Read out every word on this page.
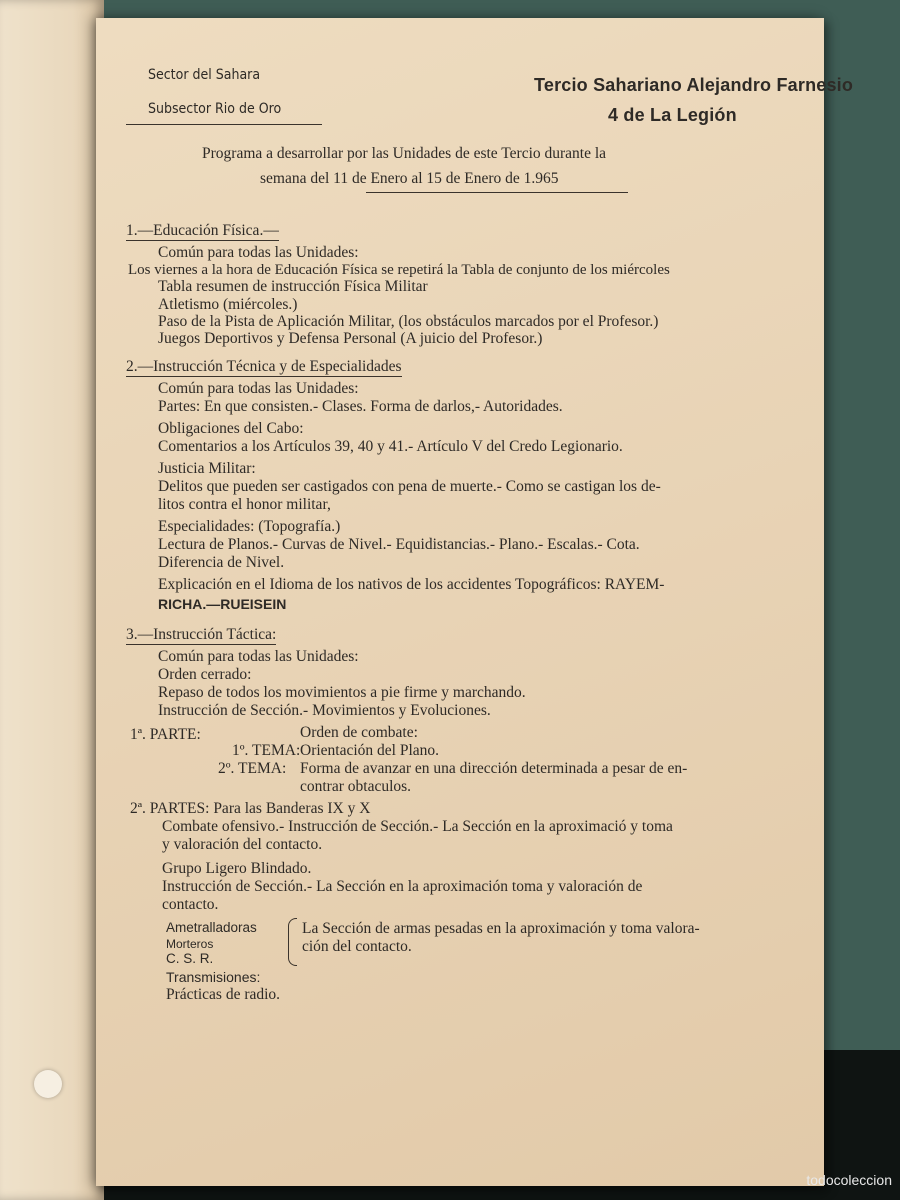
Sector del Sahara
Subsector Rio de Oro
Tercio Sahariano Alejandro Farnesio
4 de La Legión
Programa a desarrollar por las Unidades de este Tercio durante la
semana del 11 de Enero al 15 de Enero de 1.965
1.—Educación Física.—
Común para todas las Unidades:
Los viernes a la hora de Educación Física se repetirá la Tabla de conjunto de los miércoles
Tabla resumen de instrucción Física Militar
Atletismo (miércoles.)
Paso de la Pista de Aplicación Militar, (los obstáculos marcados por el Profesor.)
Juegos Deportivos y Defensa Personal (A juicio del Profesor.)
2.—Instrucción Técnica y de Especialidades
Común para todas las Unidades:
Partes: En que consisten.- Clases. Forma de darlos,- Autoridades.
Obligaciones del Cabo:
Comentarios a los Artículos 39, 40 y 41.- Artículo V del Credo Legionario.
Justicia Militar:
Delitos que pueden ser castigados con pena de muerte.- Como se castigan los de-
litos contra el honor militar,
Especialidades: (Topografía.)
Lectura de Planos.- Curvas de Nivel.- Equidistancias.- Plano.- Escalas.- Cota.
Diferencia de Nivel.
Explicación en el Idioma de los nativos de los accidentes Topográficos: RAYEM-
RICHA.—RUEISEIN
3.—Instrucción Táctica:
Común para todas las Unidades:
Orden cerrado:
Repaso de todos los movimientos a pie firme y marchando.
Instrucción de Sección.- Movimientos y Evoluciones.
1ª. PARTE:	Orden de combate:
1º. TEMA: Orientación del Plano.
2º. TEMA: Forma de avanzar en una dirección determinada a pesar de en-
contrar obtaculos.
2ª. PARTES: Para las Banderas IX y X
Combate ofensivo.- Instrucción de Sección.- La Sección en la aproximació y toma
y valoración del contacto.
Grupo Ligero Blindado.
Instrucción de Sección.- La Sección en la aproximación toma y valoración de
contacto.
Ametralladoras
Morteros
C. S. R.
La Sección de armas pesadas en la aproximación y toma valora-
ción del contacto.
Transmisiones:
Prácticas de radio.
todocoleccion
